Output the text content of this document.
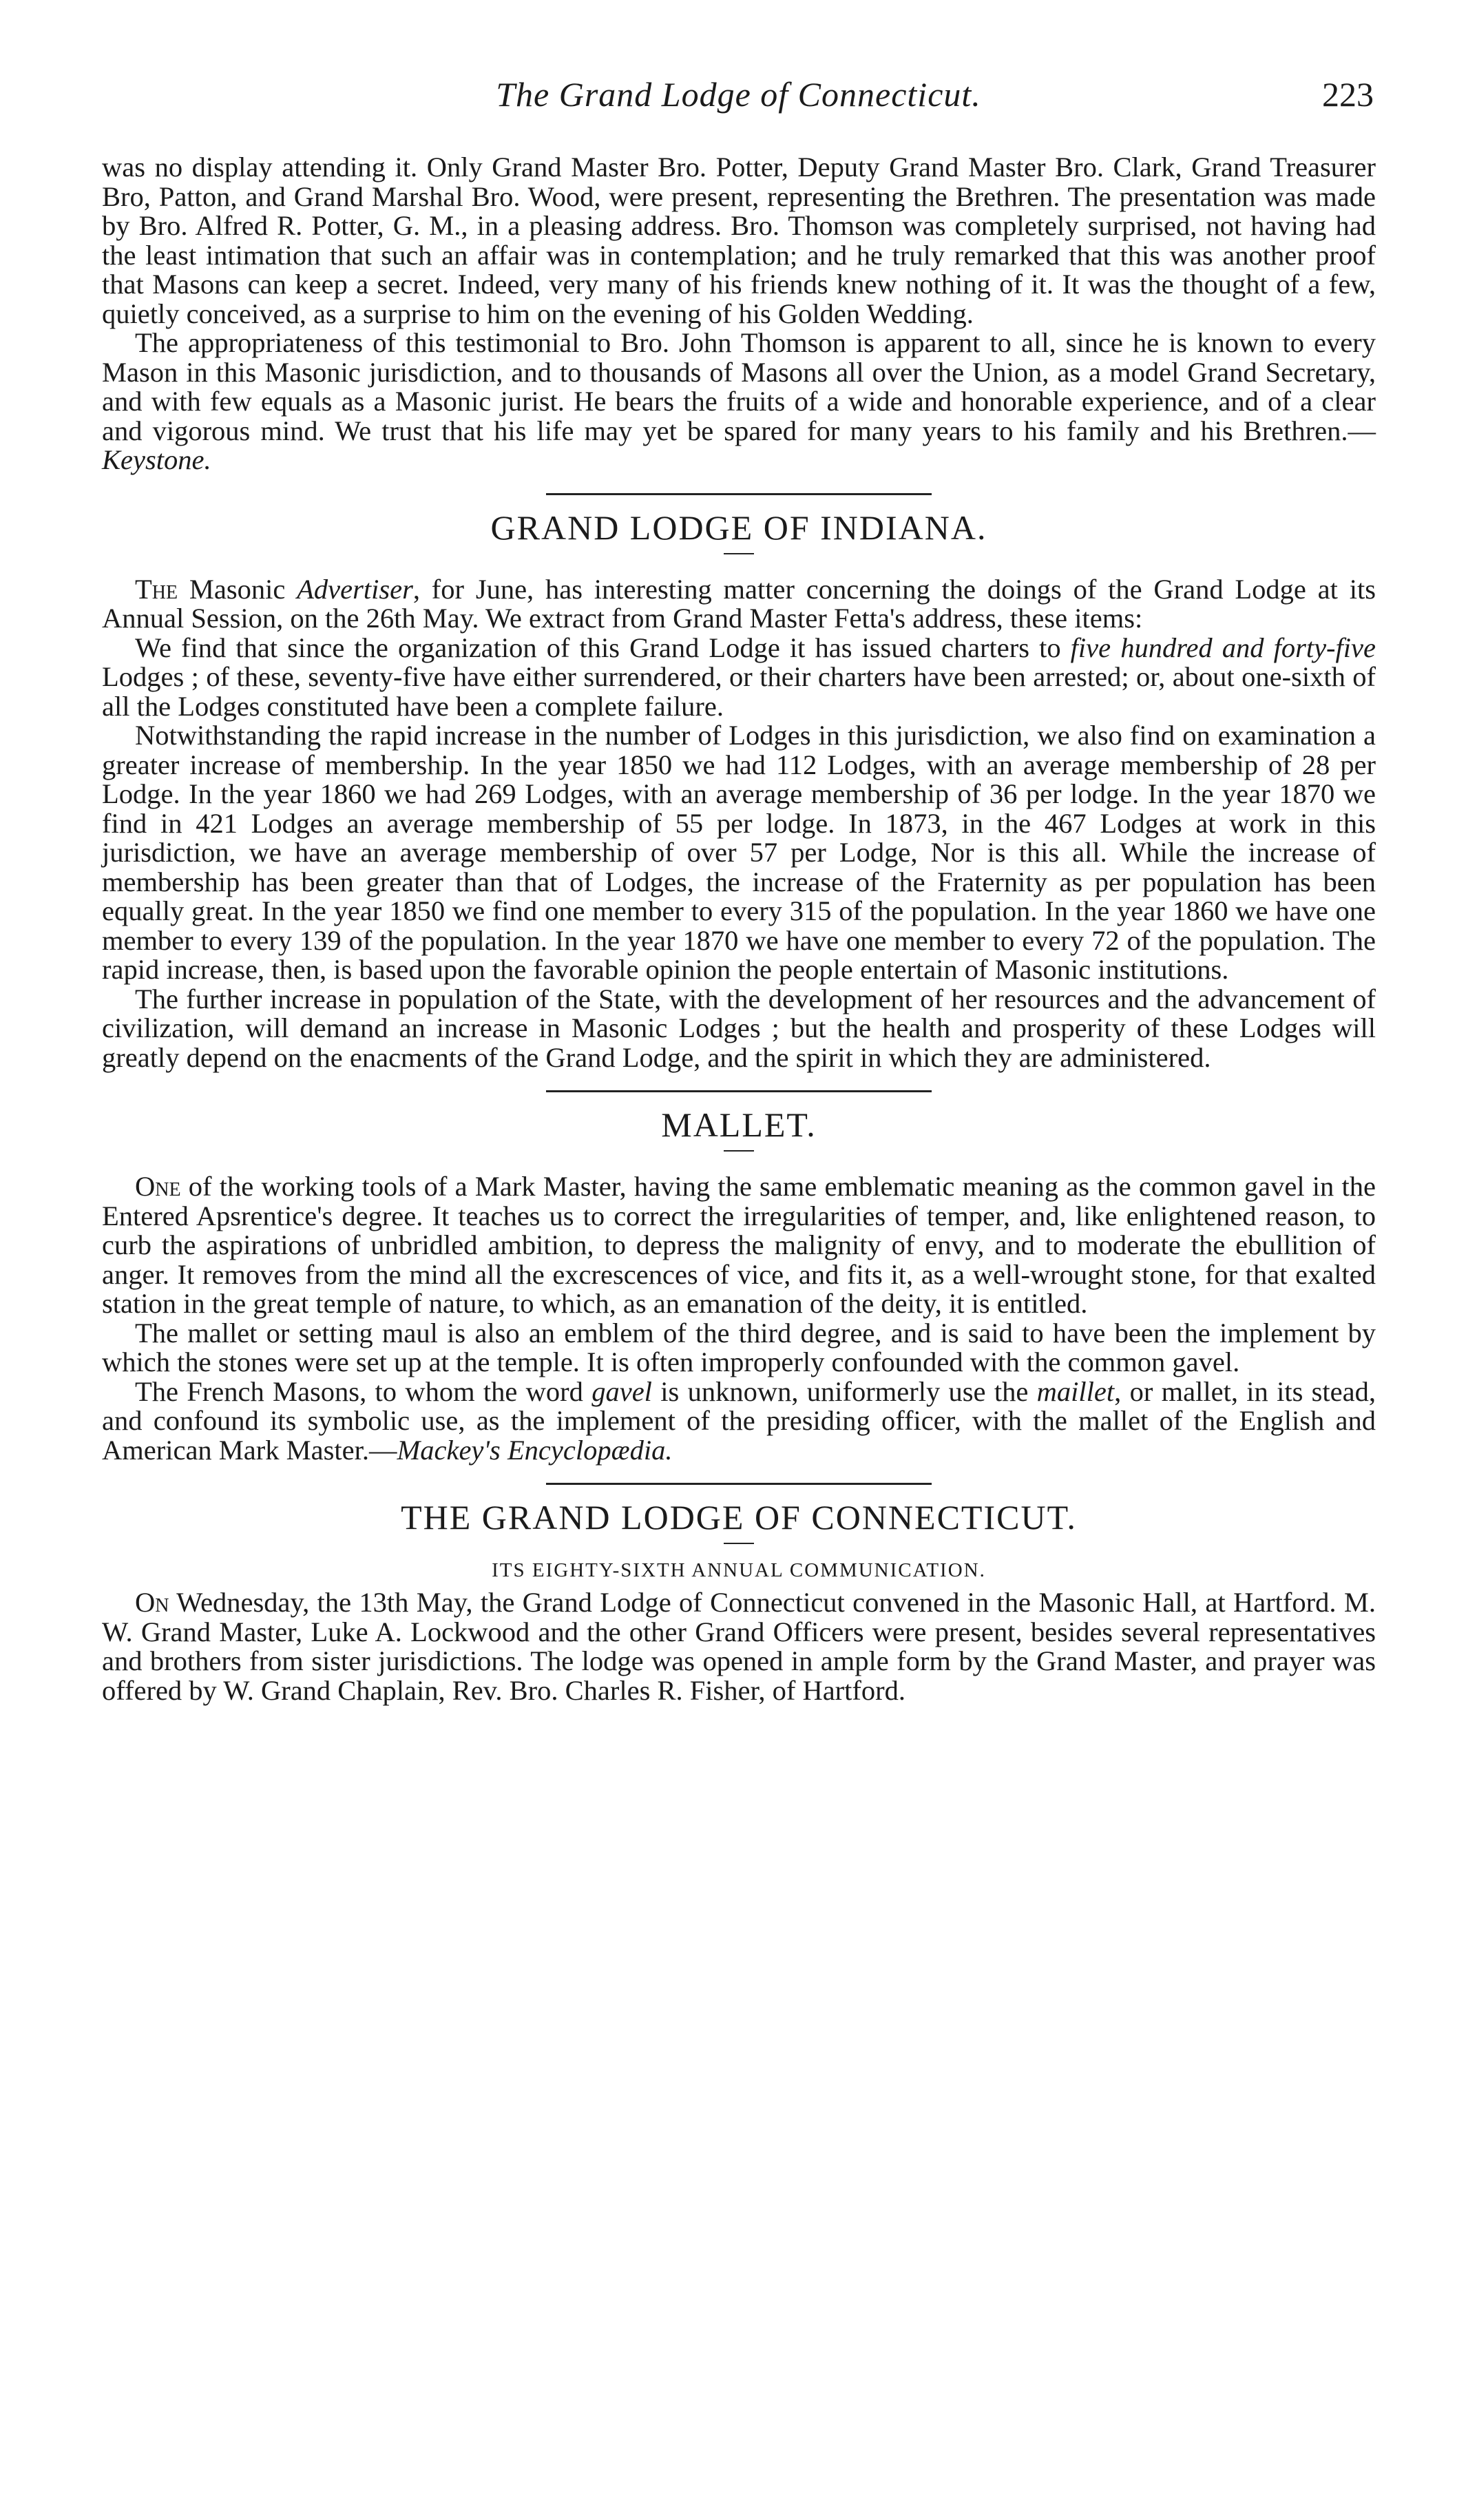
The Grand Lodge of Connecticut.	223

was no display attending it. Only Grand Master Bro. Potter, Deputy Grand Master Bro. Clark, Grand Treasurer Bro, Patton, and Grand Marshal Bro. Wood, were present, representing the Brethren. The presentation was made by Bro. Alfred R. Potter, G. M., in a pleasing address. Bro. Thomson was completely surprised, not having had the least intimation that such an affair was in contemplation; and he truly remarked that this was another proof that Masons can keep a secret. Indeed, very many of his friends knew nothing of it. It was the thought of a few, quietly conceived, as a surprise to him on the evening of his Golden Wedding.

The appropriateness of this testimonial to Bro. John Thomson is apparent to all, since he is known to every Mason in this Masonic jurisdiction, and to thousands of Masons all over the Union, as a model Grand Secretary, and with few equals as a Masonic jurist. He bears the fruits of a wide and honorable experience, and of a clear and vigorous mind. We trust that his life may yet be spared for many years to his family and his Brethren.—Keystone.

GRAND LODGE OF INDIANA.

The Masonic Advertiser, for June, has interesting matter concerning the doings of the Grand Lodge at its Annual Session, on the 26th May. We extract from Grand Master Fetta's address, these items:

We find that since the organization of this Grand Lodge it has issued charters to five hundred and forty-five Lodges ; of these, seventy-five have either surrendered, or their charters have been arrested; or, about one-sixth of all the Lodges constituted have been a complete failure.

Notwithstanding the rapid increase in the number of Lodges in this jurisdiction, we also find on examination a greater increase of membership. In the year 1850 we had 112 Lodges, with an average membership of 28 per Lodge. In the year 1860 we had 269 Lodges, with an average membership of 36 per lodge. In the year 1870 we find in 421 Lodges an average membership of 55 per lodge. In 1873, in the 467 Lodges at work in this jurisdiction, we have an average membership of over 57 per Lodge, Nor is this all. While the increase of membership has been greater than that of Lodges, the increase of the Fraternity as per population has been equally great. In the year 1850 we find one member to every 315 of the population. In the year 1860 we have one member to every 139 of the population. In the year 1870 we have one member to every 72 of the population. The rapid increase, then, is based upon the favorable opinion the people entertain of Masonic institutions.

The further increase in population of the State, with the development of her resources and the advancement of civilization, will demand an increase in Masonic Lodges ; but the health and prosperity of these Lodges will greatly depend on the enacments of the Grand Lodge, and the spirit in which they are administered.

MALLET.

One of the working tools of a Mark Master, having the same emblematic meaning as the common gavel in the Entered Apsrentice's degree. It teaches us to correct the irregularities of temper, and, like enlightened reason, to curb the aspirations of unbridled ambition, to depress the malignity of envy, and to moderate the ebullition of anger. It removes from the mind all the excrescences of vice, and fits it, as a well-wrought stone, for that exalted station in the great temple of nature, to which, as an emanation of the deity, it is entitled.

The mallet or setting maul is also an emblem of the third degree, and is said to have been the implement by which the stones were set up at the temple. It is often improperly confounded with the common gavel.

The French Masons, to whom the word gavel is unknown, uniformerly use the maillet, or mallet, in its stead, and confound its symbolic use, as the implement of the presiding officer, with the mallet of the English and American Mark Master.—Mackey's Encyclopædia.

THE GRAND LODGE OF CONNECTICUT.
ITS EIGHTY-SIXTH ANNUAL COMMUNICATION.

On Wednesday, the 13th May, the Grand Lodge of Connecticut convened in the Masonic Hall, at Hartford. M. W. Grand Master, Luke A. Lockwood and the other Grand Officers were present, besides several representatives and brothers from sister jurisdictions. The lodge was opened in ample form by the Grand Master, and prayer was offered by W. Grand Chaplain, Rev. Bro. Charles R. Fisher, of Hartford.
